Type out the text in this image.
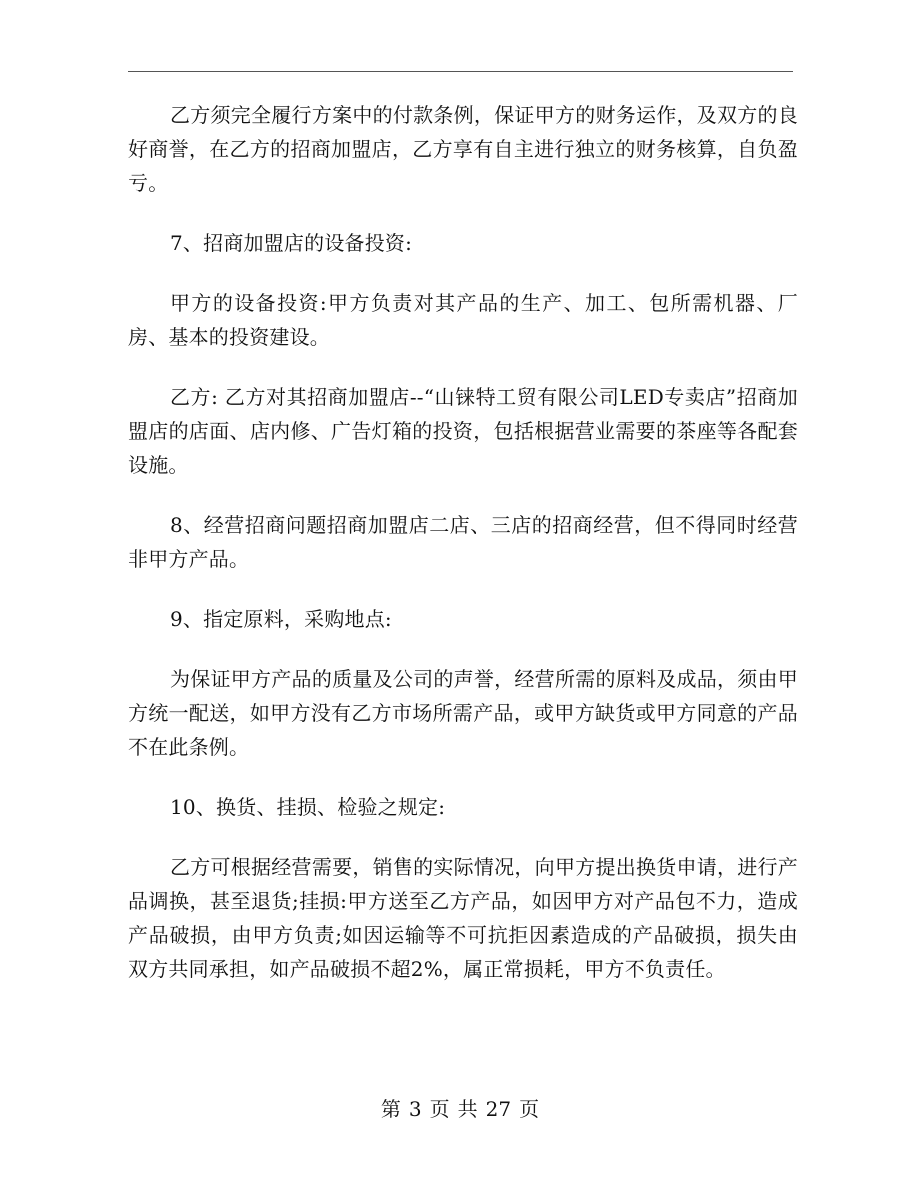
乙方须完全履行方案中的付款条例，保证甲方的财务运作，及双方的良好商誉，在乙方的招商加盟店，乙方享有自主进行独立的财务核算，自负盈亏。

7、招商加盟店的设备投资:

甲方的设备投资:甲方负责对其产品的生产、加工、包所需机器、厂房、基本的投资建设。

乙方: 乙方对其招商加盟店--“山铼特工贸有限公司LED专卖店”招商加盟店的店面、店内修、广告灯箱的投资，包括根据营业需要的茶座等各配套设施。

8、经营招商问题招商加盟店二店、三店的招商经营，但不得同时经营非甲方产品。

9、指定原料，采购地点:

为保证甲方产品的质量及公司的声誉，经营所需的原料及成品，须由甲方统一配送，如甲方没有乙方市场所需产品，或甲方缺货或甲方同意的产品不在此条例。

10、换货、挂损、检验之规定:

乙方可根据经营需要，销售的实际情况，向甲方提出换货申请，进行产品调换，甚至退货;挂损:甲方送至乙方产品，如因甲方对产品包不力，造成产品破损，由甲方负责;如因运输等不可抗拒因素造成的产品破损，损失由双方共同承担，如产品破损不超2%，属正常损耗，甲方不负责任。

第 3 页 共 27 页
